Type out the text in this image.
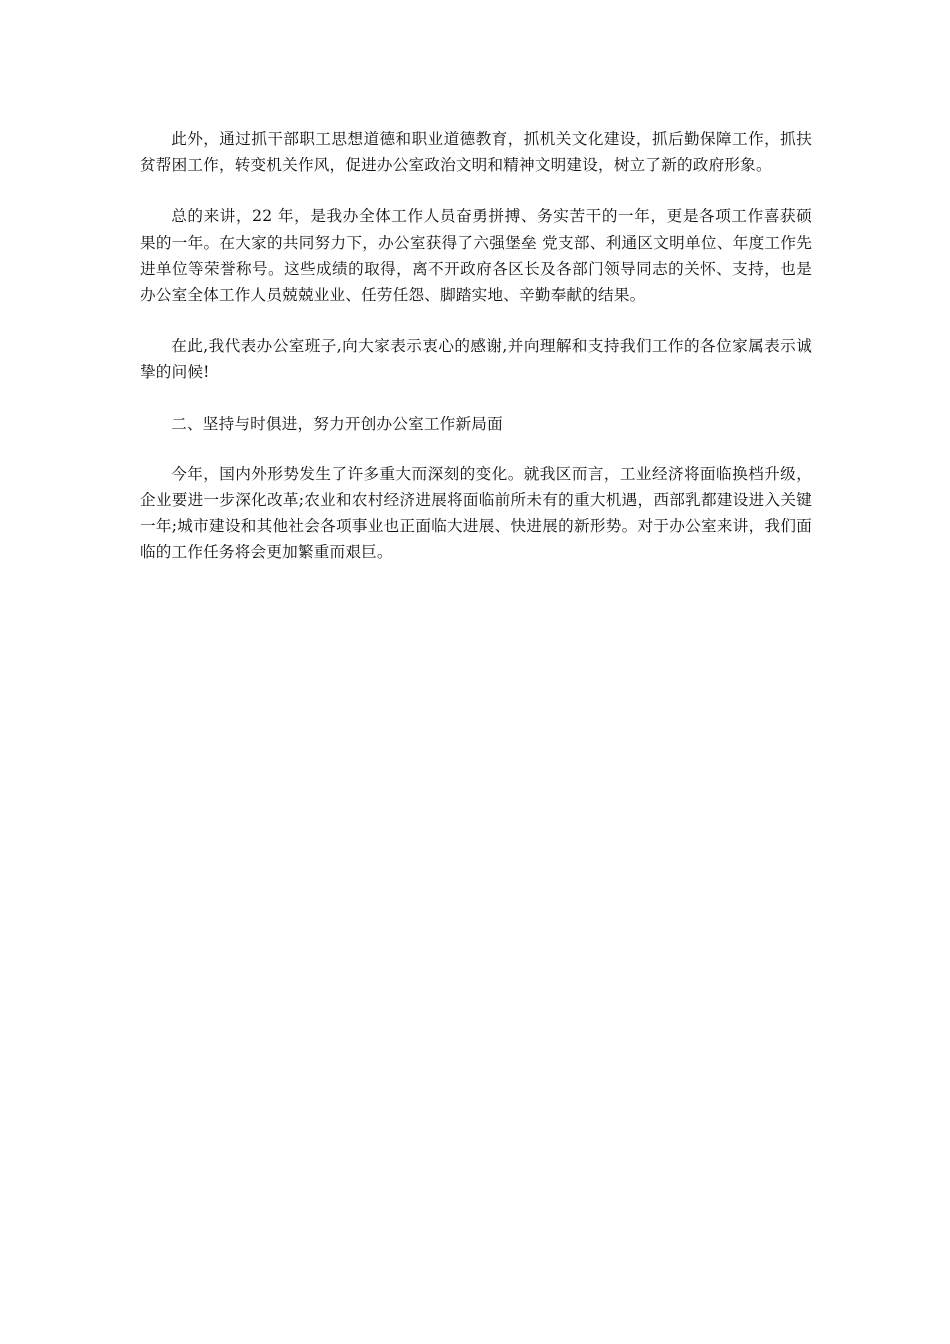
此外，通过抓干部职工思想道德和职业道德教育，抓机关文化建设，抓后勤保障工作，抓扶贫帮困工作，转变机关作风，促进办公室政治文明和精神文明建设，树立了新的政府形象。

总的来讲，22 年，是我办全体工作人员奋勇拼搏、务实苦干的一年，更是各项工作喜获硕果的一年。在大家的共同努力下，办公室获得了六强堡垒 党支部、利通区文明单位、年度工作先进单位等荣誉称号。这些成绩的取得，离不开政府各区长及各部门领导同志的关怀、支持，也是办公室全体工作人员兢兢业业、任劳任怨、脚踏实地、辛勤奉献的结果。

在此,我代表办公室班子,向大家表示衷心的感谢,并向理解和支持我们工作的各位家属表示诚挚的问候!

二、坚持与时俱进，努力开创办公室工作新局面

今年，国内外形势发生了许多重大而深刻的变化。就我区而言，工业经济将面临换档升级，企业要进一步深化改革;农业和农村经济进展将面临前所未有的重大机遇，西部乳都建设进入关键一年;城市建设和其他社会各项事业也正面临大进展、快进展的新形势。对于办公室来讲，我们面临的工作任务将会更加繁重而艰巨。
